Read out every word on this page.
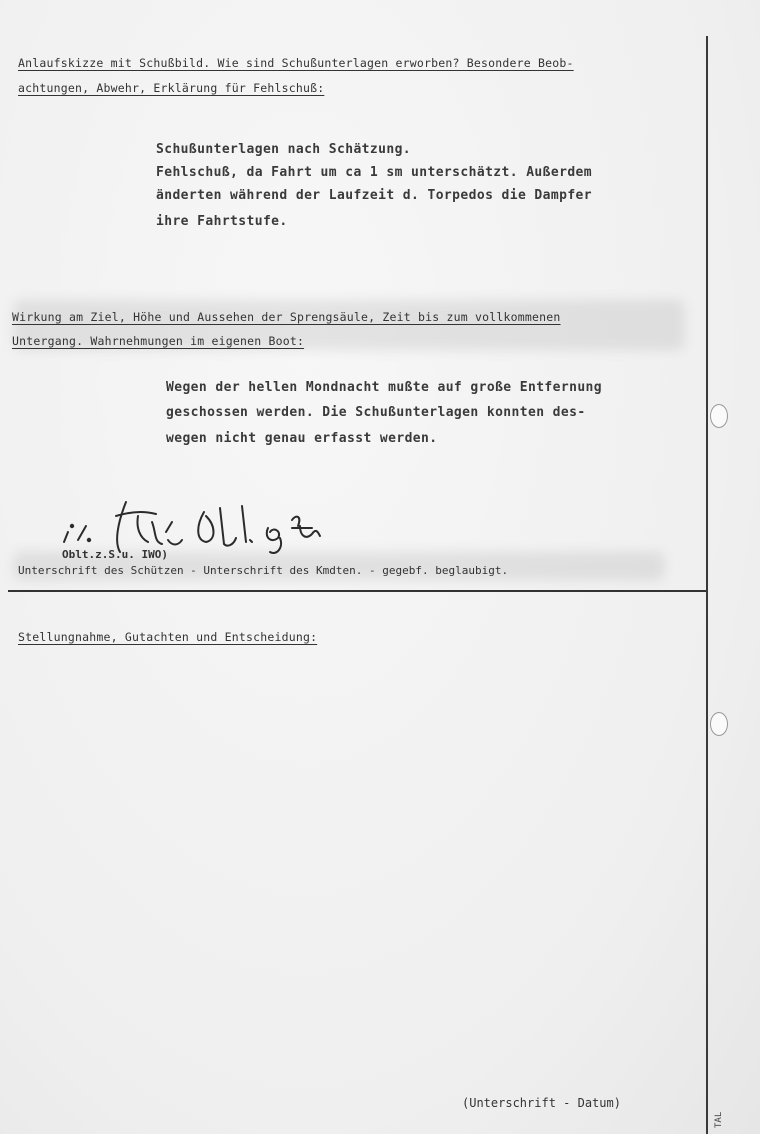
Anlaufskizze mit Schußbild. Wie sind Schußunterlagen erworben? Besondere Beob-
achtungen, Abwehr, Erklärung für Fehlschuß:
Schußunterlagen nach Schätzung.
Fehlschuß, da Fahrt um ca 1 sm unterschätzt. Außerdem
änderten während der Laufzeit d. Torpedos die Dampfer
ihre Fahrtstufe.
Wirkung am Ziel, Höhe und Aussehen der Sprengsäule, Zeit bis zum vollkommenen
Untergang. Wahrnehmungen im eigenen Boot:
Wegen der hellen Mondnacht mußte auf große Entfernung
geschossen werden. Die Schußunterlagen konnten des-
wegen nicht genau erfasst werden.
Oblt.z.S.u. IWO)
Unterschrift des Schützen - Unterschrift des Kmdten. - gegebf. beglaubigt.
Stellungnahme, Gutachten und Entscheidung:
(Unterschrift - Datum)
TAL
